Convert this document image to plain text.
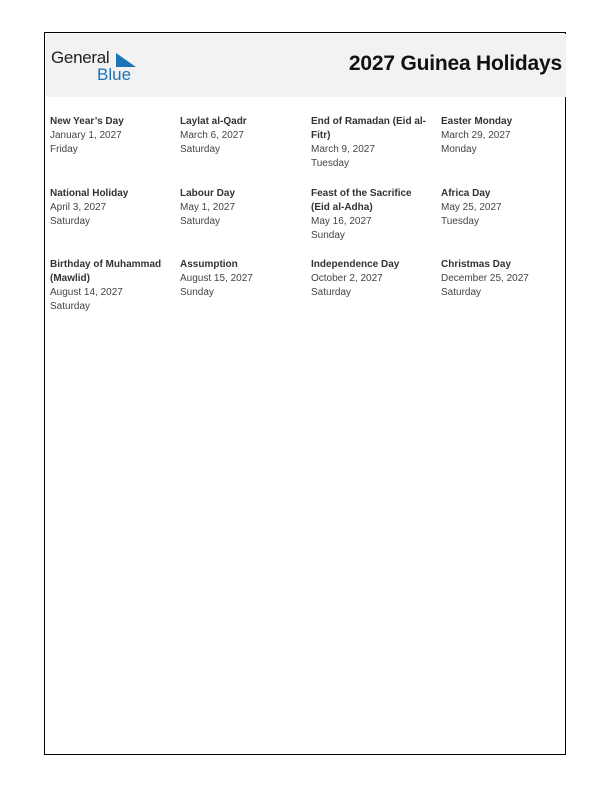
General
Blue	2027 Guinea Holidays
New Year’s Day
January 1, 2027
Friday
Laylat al-Qadr
March 6, 2027
Saturday
End of Ramadan (Eid al-Fitr)
March 9, 2027
Tuesday
Easter Monday
March 29, 2027
Monday
National Holiday
April 3, 2027
Saturday
Labour Day
May 1, 2027
Saturday
Feast of the Sacrifice (Eid al-Adha)
May 16, 2027
Sunday
Africa Day
May 25, 2027
Tuesday
Birthday of Muhammad (Mawlid)
August 14, 2027
Saturday
Assumption
August 15, 2027
Sunday
Independence Day
October 2, 2027
Saturday
Christmas Day
December 25, 2027
Saturday
